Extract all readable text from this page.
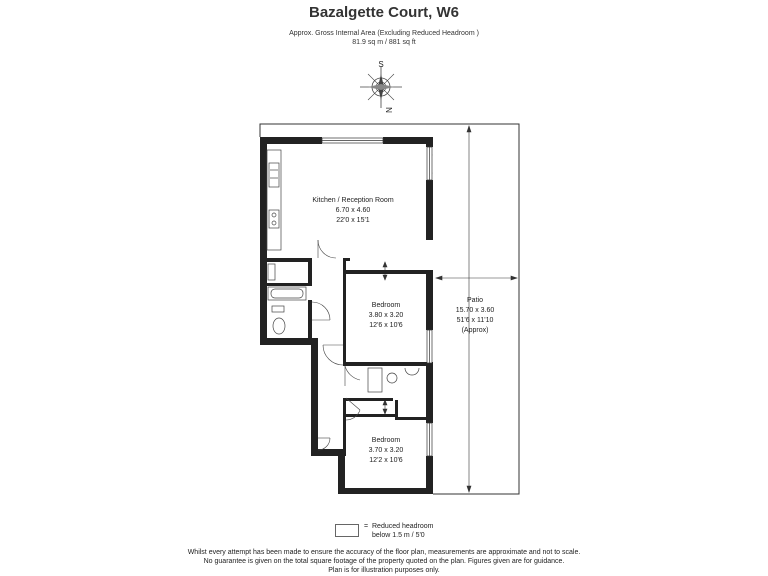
Bazalgette Court, W6
Approx. Gross Internal Area (Excluding Reduced Headroom )
81.9 sq m / 881 sq ft
S
N
Kitchen / Reception Room
6.70 x 4.60
22'0 x 15'1
Bedroom
3.80 x 3.20
12'6 x 10'6
Bedroom
3.70 x 3.20
12'2 x 10'6
Patio
15.70 x 3.60
51'6 x 11'10
(Approx)
= Reduced headroom
below 1.5 m / 5'0
Whilst every attempt has been made to ensure the accuracy of the floor plan, measurements are approximate and not to scale.
No guarantee is given on the total square footage of the property quoted on the plan. Figures given are for guidance.
Plan is for illustration purposes only.
